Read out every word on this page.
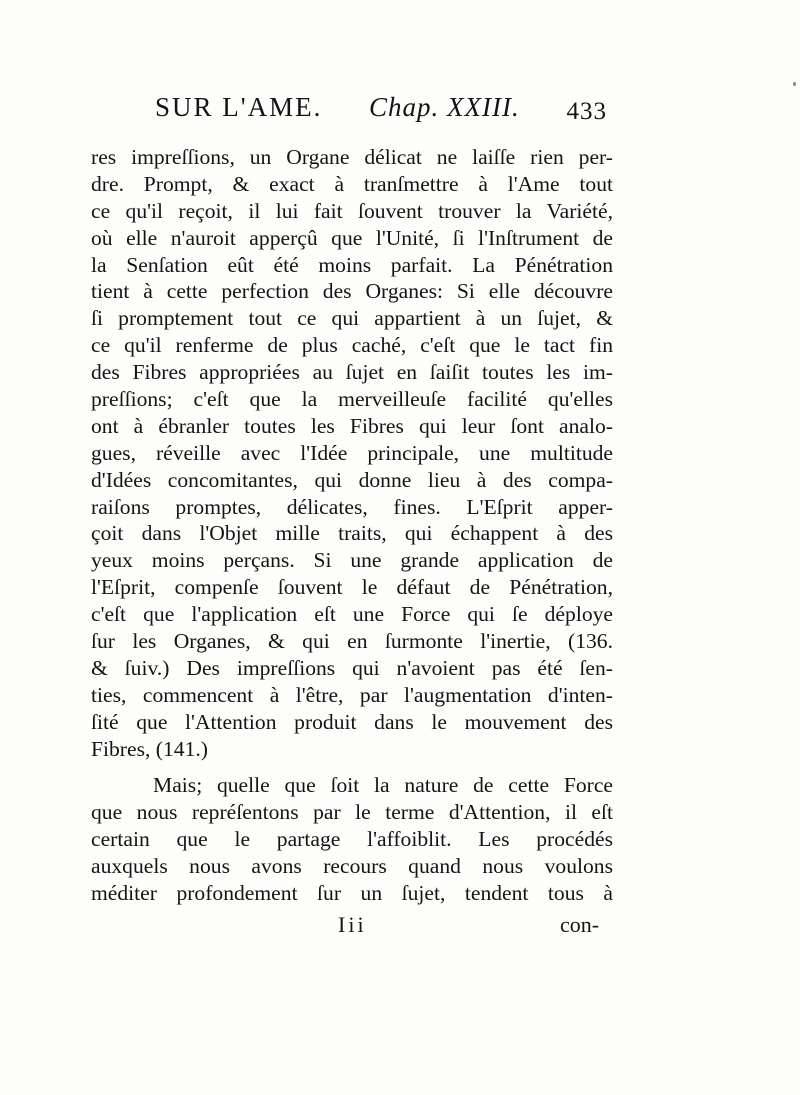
SUR L'AME. Chap. XXIII. 433
res impreſſions, un Organe délicat ne laiſſe rien per-
dre. Prompt, & exact à tranſmettre à l'Ame tout
ce qu'il reçoit, il lui fait ſouvent trouver la Variété,
où elle n'auroit apperçû que l'Unité, ſi l'Inſtrument de
la Senſation eût été moins parfait. La Pénétration
tient à cette perfection des Organes: Si elle découvre
ſi promptement tout ce qui appartient à un ſujet, &
ce qu'il renferme de plus caché, c'eſt que le tact fin
des Fibres appropriées au ſujet en ſaiſit toutes les im-
preſſions; c'eſt que la merveilleuſe facilité qu'elles
ont à ébranler toutes les Fibres qui leur ſont analo-
gues, réveille avec l'Idée principale, une multitude
d'Idées concomitantes, qui donne lieu à des compa-
raiſons promptes, délicates, fines. L'Eſprit apper-
çoit dans l'Objet mille traits, qui échappent à des
yeux moins perçans. Si une grande application de
l'Eſprit, compenſe ſouvent le défaut de Pénétration,
c'eſt que l'application eſt une Force qui ſe déploye
ſur les Organes, & qui en ſurmonte l'inertie, (136.
& ſuiv.) Des impreſſions qui n'avoient pas été ſen-
ties, commencent à l'être, par l'augmentation d'inten-
ſité que l'Attention produit dans le mouvement des
Fibres, (141.)
Mais; quelle que ſoit la nature de cette Force
que nous repréſentons par le terme d'Attention, il eſt
certain que le partage l'affoiblit. Les procédés
auxquels nous avons recours quand nous voulons
méditer profondement ſur un ſujet, tendent tous à
Iii	con-
